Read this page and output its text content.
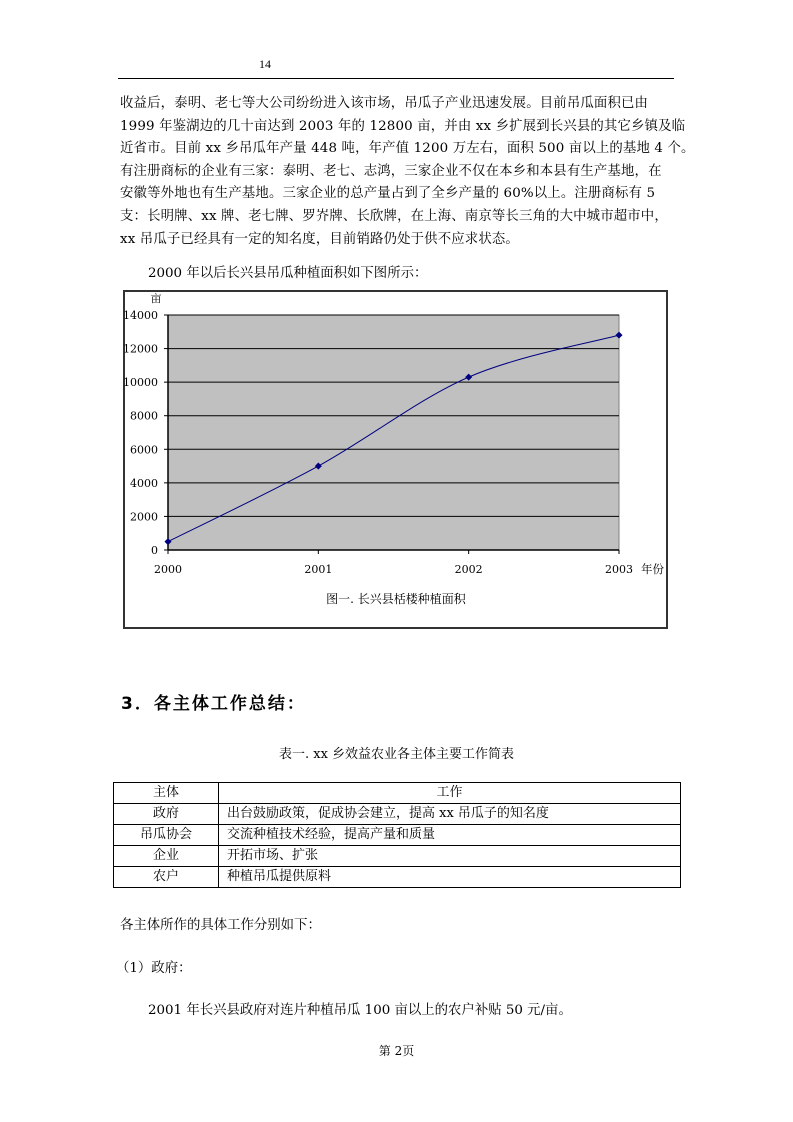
14

收益后，泰明、老七等大公司纷纷进入该市场，吊瓜子产业迅速发展。目前吊瓜面积已由

1999 年鉴湖边的几十亩达到 2003 年的 12800 亩，并由 xx 乡扩展到长兴县的其它乡镇及临

近省市。目前 xx 乡吊瓜年产量 448 吨，年产值 1200 万左右，面积 500 亩以上的基地 4 个。

有注册商标的企业有三家：泰明、老七、志鸿，三家企业不仅在本乡和本县有生产基地，在

安徽等外地也有生产基地。三家企业的总产量占到了全乡产量的 60%以上。注册商标有 5

支：长明牌、xx 牌、老七牌、罗岕牌、长欣牌，在上海、南京等长三角的大中城市超市中，

xx 吊瓜子已经具有一定的知名度，目前销路仍处于供不应求状态。

2000 年以后长兴县吊瓜种植面积如下图所示：
0
2000
4000
6000
8000
10000
12000
14000
2000	2001	2002	2003
亩
年份
图一. 长兴县栝楼种植面积
3．各主体工作总结：
表一. xx 乡效益农业各主体主要工作简表
主体	工作
政府	出台鼓励政策，促成协会建立，提高 xx 吊瓜子的知名度
吊瓜协会	交流种植技术经验，提高产量和质量
企业	开拓市场、扩张
农户	种植吊瓜提供原料
各主体所作的具体工作分别如下：
（1）政府：
2001 年长兴县政府对连片种植吊瓜 100 亩以上的农户补贴 50 元/亩。
第 2页
